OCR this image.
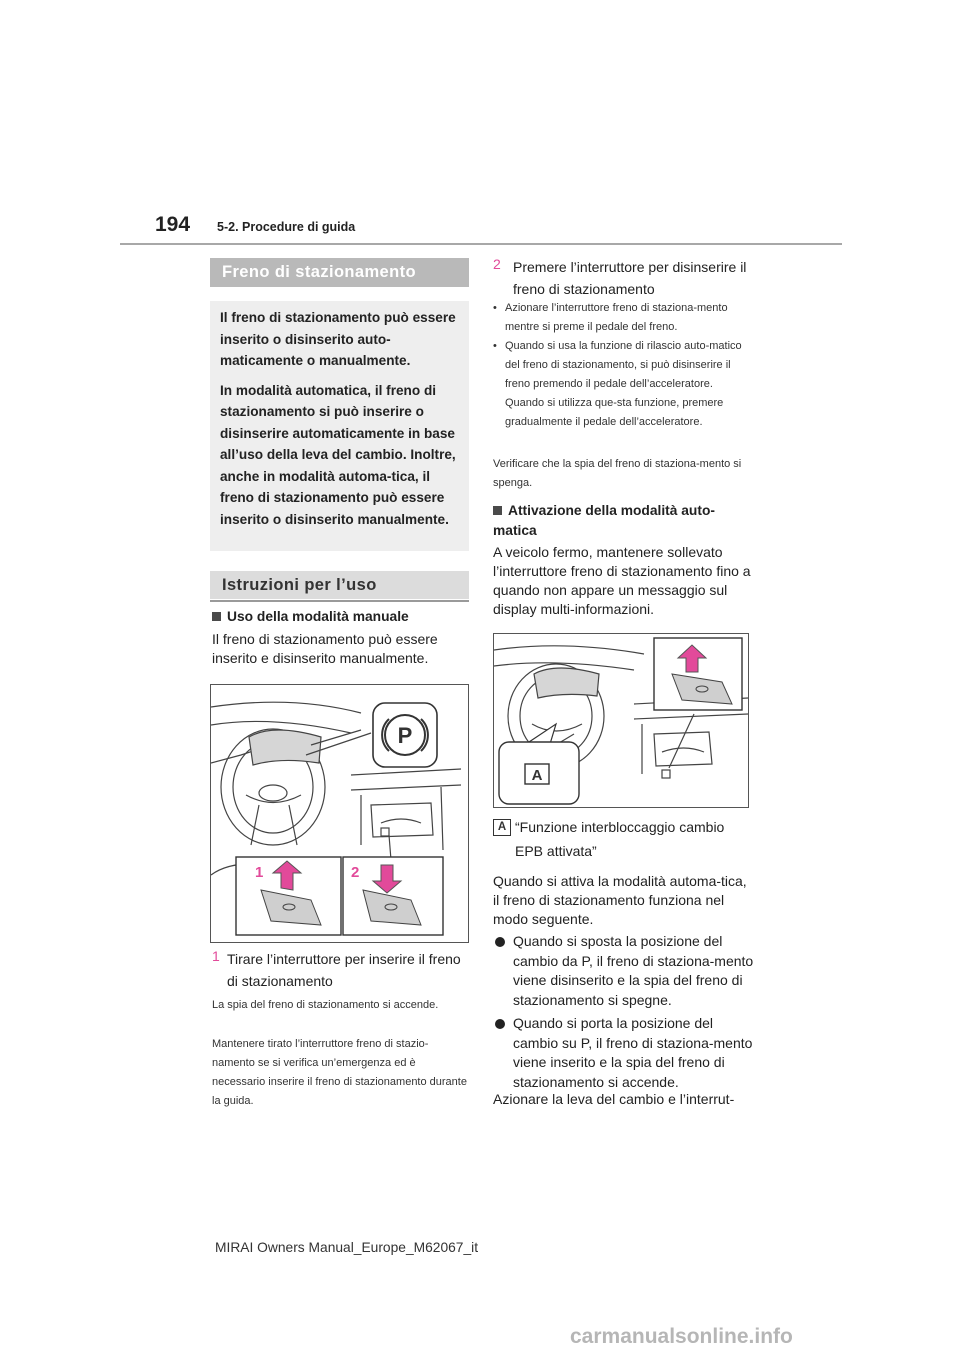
194 5-2. Procedure di guida
Freno di stazionamento

Il freno di stazionamento può essere inserito o disinserito auto-maticamente o manualmente.

In modalità automatica, il freno di stazionamento si può inserire o disinserire automaticamente in base all’uso della leva del cambio. Inoltre, anche in modalità automa-tica, il freno di stazionamento può essere inserito o disinserito manualmente.

Istruzioni per l’uso
Uso della modalità manuale
Il freno di stazionamento può essere inserito e disinserito manualmente.
P
1	2
1 Tirare l’interruttore per inserire il freno di stazionamento
La spia del freno di stazionamento si accende.
Mantenere tirato l’interruttore freno di stazio-namento se si verifica un’emergenza ed è necessario inserire il freno di stazionamento durante la guida.
2 Premere l’interruttore per disinserire il freno di stazionamento
• Azionare l’interruttore freno di staziona-mento mentre si preme il pedale del freno.
• Quando si usa la funzione di rilascio auto-matico del freno di stazionamento, si può disinserire il freno premendo il pedale dell’acceleratore. Quando si utilizza que-sta funzione, premere gradualmente il pedale dell’acceleratore.
Verificare che la spia del freno di staziona-mento si spenga.
Attivazione della modalità auto-matica
A veicolo fermo, mantenere sollevato l’interruttore freno di stazionamento fino a quando non appare un messaggio sul display multi-informazioni.
A
A “Funzione interbloccaggio cambio EPB attivata”
Quando si attiva la modalità automa-tica, il freno di stazionamento funziona nel modo seguente.
Quando si sposta la posizione del cambio da P, il freno di staziona-mento viene disinserito e la spia del freno di stazionamento si spegne.
Quando si porta la posizione del cambio su P, il freno di staziona-mento viene inserito e la spia del freno di stazionamento si accende.
Azionare la leva del cambio e l’interrut-
MIRAI Owners Manual_Europe_M62067_it
carmanualsonline.info
